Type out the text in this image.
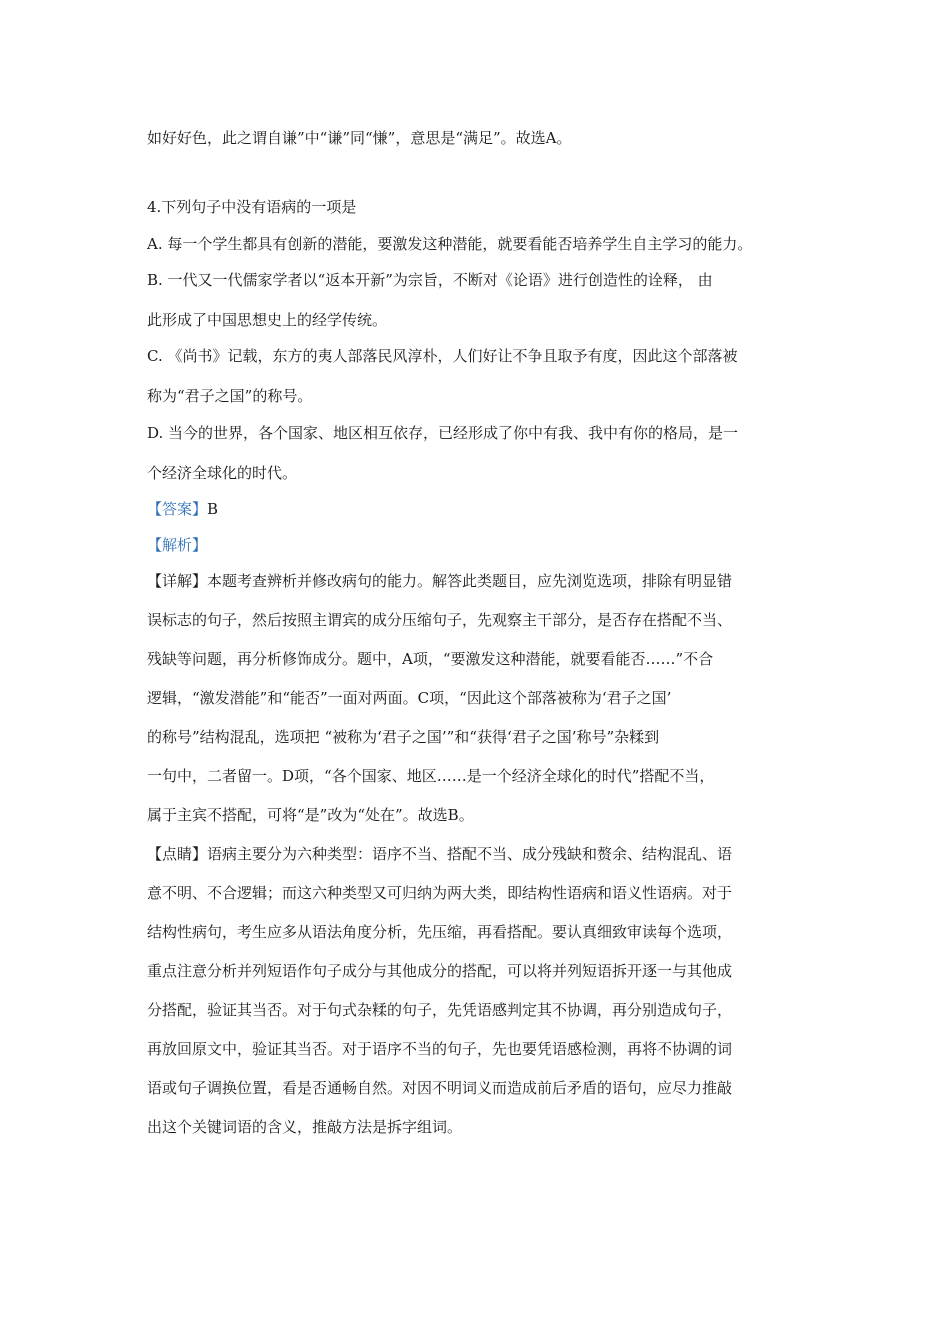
如好好色，此之谓自谦”中“谦”同“慊”，意思是“满足”。故选A。
4.下列句子中没有语病的一项是
A. 每一个学生都具有创新的潜能，要激发这种潜能，就要看能否培养学生自主学习的能力。
B. 一代又一代儒家学者以“返本开新”为宗旨，不断对《论语》进行创造性的诠释， 由
此形成了中国思想史上的经学传统。
C. 《尚书》记载，东方的夷人部落民风淳朴，人们好让不争且取予有度，因此这个部落被
称为“君子之国”的称号。
D. 当今的世界，各个国家、地区相互依存，已经形成了你中有我、我中有你的格局，是一
个经济全球化的时代。
【答案】B
【解析】
【详解】本题考查辨析并修改病句的能力。解答此类题目，应先浏览选项，排除有明显错
误标志的句子，然后按照主谓宾的成分压缩句子，先观察主干部分，是否存在搭配不当、
残缺等问题，再分析修饰成分。题中，A项，“要激发这种潜能，就要看能否……”不合
逻辑，“激发潜能”和“能否”一面对两面。C项，“因此这个部落被称为‘君子之国’
的称号”结构混乱，选项把 “被称为‘君子之国’”和“获得‘君子之国’称号”杂糅到
一句中，二者留一。D项，“各个国家、地区……是一个经济全球化的时代”搭配不当，
属于主宾不搭配，可将“是”改为“处在”。故选B。
【点睛】语病主要分为六种类型：语序不当、搭配不当、成分残缺和赘余、结构混乱、语
意不明、不合逻辑；而这六种类型又可归纳为两大类，即结构性语病和语义性语病。对于
结构性病句，考生应多从语法角度分析，先压缩，再看搭配。要认真细致审读每个选项，
重点注意分析并列短语作句子成分与其他成分的搭配，可以将并列短语拆开逐一与其他成
分搭配，验证其当否。对于句式杂糅的句子，先凭语感判定其不协调，再分别造成句子，
再放回原文中，验证其当否。对于语序不当的句子，先也要凭语感检测，再将不协调的词
语或句子调换位置，看是否通畅自然。对因不明词义而造成前后矛盾的语句，应尽力推敲
出这个关键词语的含义，推敲方法是拆字组词。
